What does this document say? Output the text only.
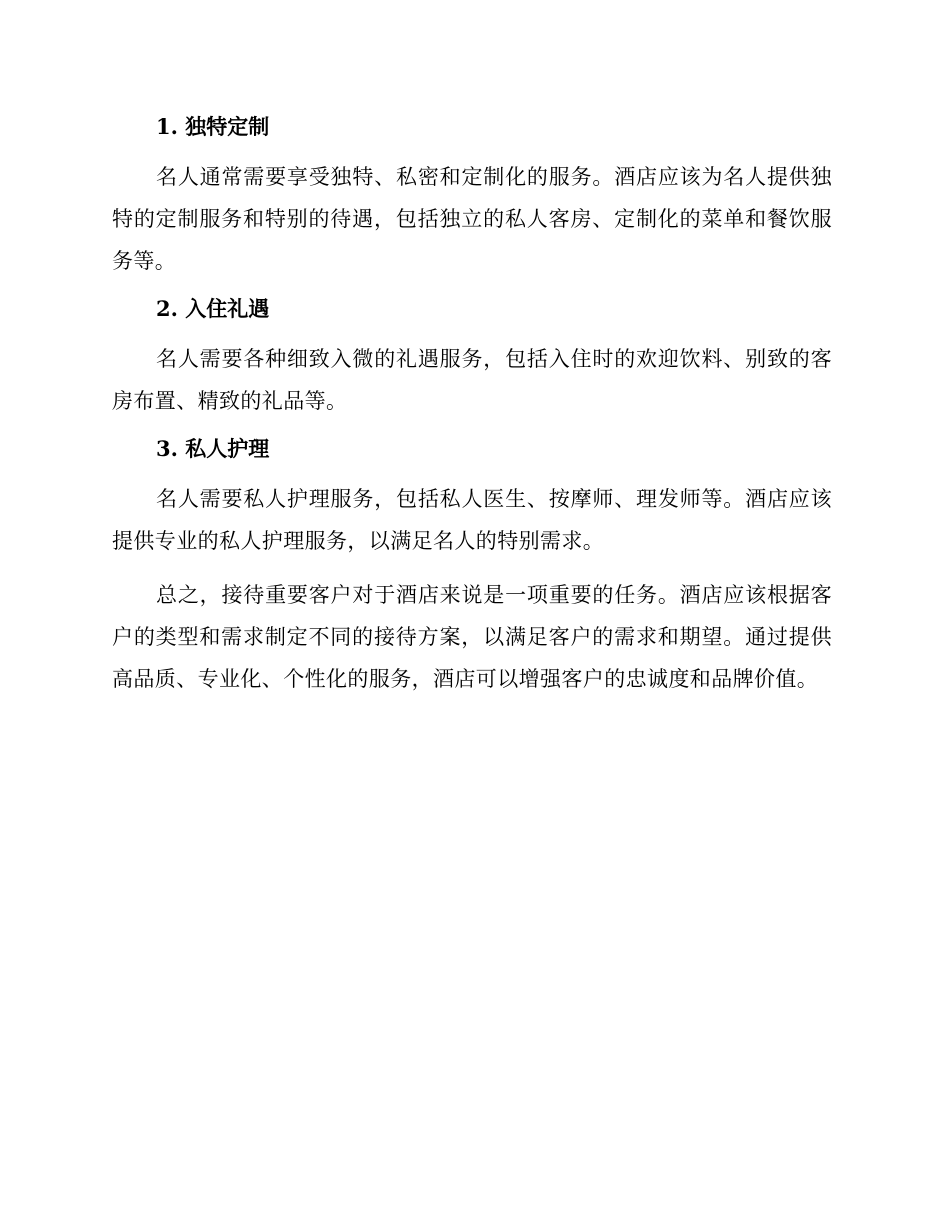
1. 独特定制

名人通常需要享受独特、私密和定制化的服务。酒店应该为名人提供独特的定制服务和特别的待遇，包括独立的私人客房、定制化的菜单和餐饮服务等。

2. 入住礼遇

名人需要各种细致入微的礼遇服务，包括入住时的欢迎饮料、别致的客房布置、精致的礼品等。

3. 私人护理

名人需要私人护理服务，包括私人医生、按摩师、理发师等。酒店应该提供专业的私人护理服务，以满足名人的特别需求。

总之，接待重要客户对于酒店来说是一项重要的任务。酒店应该根据客户的类型和需求制定不同的接待方案，以满足客户的需求和期望。通过提供高品质、专业化、个性化的服务，酒店可以增强客户的忠诚度和品牌价值。
